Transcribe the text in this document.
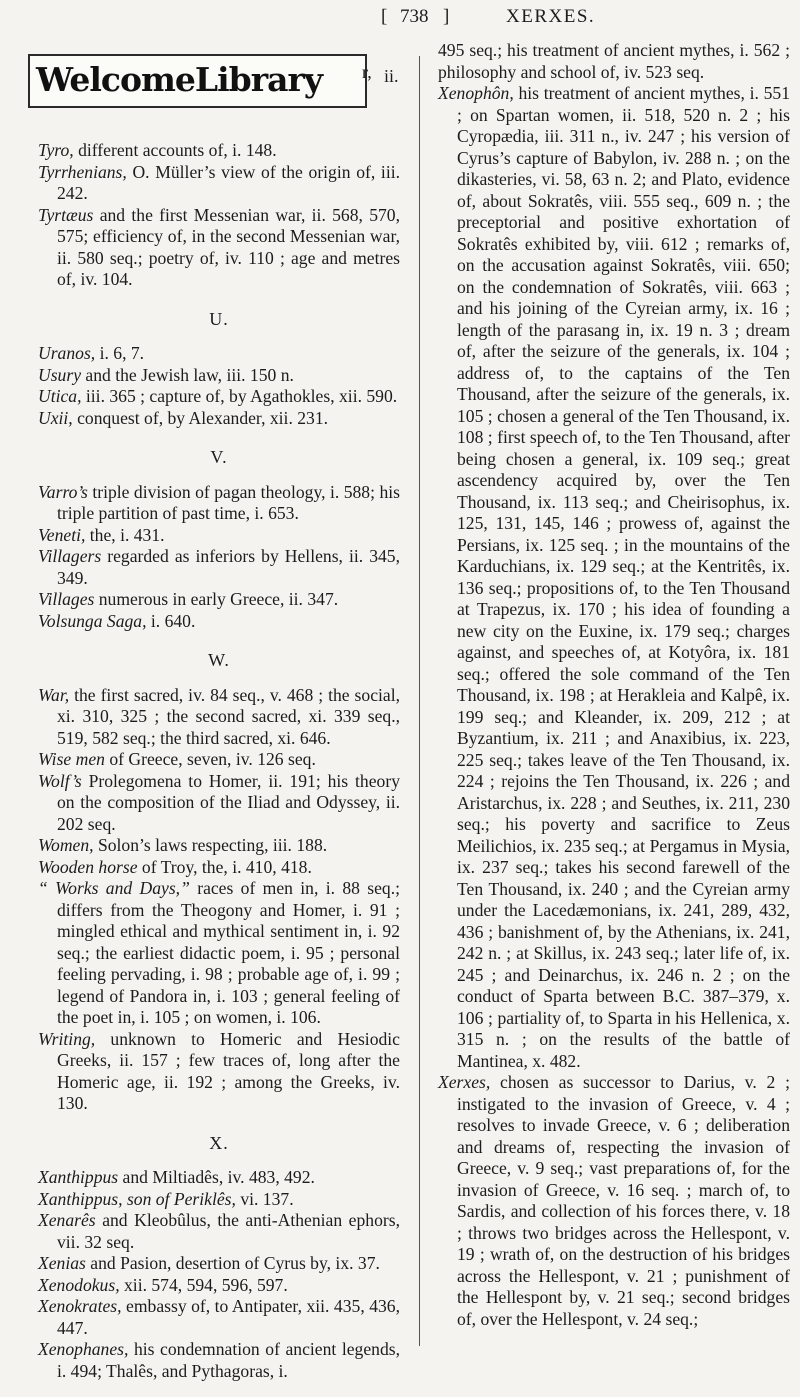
[ 738 ]	XERXES.
WelcomeLibrary r, ii.

Tyro, different accounts of, i. 148.

Tyrrhenians, O. Müller’s view of the origin of, iii. 242.

Tyrtæus and the first Messenian war, ii. 568, 570, 575; efficiency of, in the second Messenian war, ii. 580 seq.; poetry of, iv. 110 ; age and metres of, iv. 104.

U.

Uranos, i. 6, 7.

Usury and the Jewish law, iii. 150 n.

Utica, iii. 365 ; capture of, by Agathokles, xii. 590.

Uxii, conquest of, by Alexander, xii. 231.

V.

Varro’s triple division of pagan theology, i. 588; his triple partition of past time, i. 653.

Veneti, the, i. 431.

Villagers regarded as inferiors by Hellens, ii. 345, 349.

Villages numerous in early Greece, ii. 347.

Volsunga Saga, i. 640.

W.

War, the first sacred, iv. 84 seq., v. 468 ; the social, xi. 310, 325 ; the second sacred, xi. 339 seq., 519, 582 seq.; the third sacred, xi. 646.

Wise men of Greece, seven, iv. 126 seq.

Wolf’s Prolegomena to Homer, ii. 191; his theory on the composition of the Iliad and Odyssey, ii. 202 seq.

Women, Solon’s laws respecting, iii. 188.

Wooden horse of Troy, the, i. 410, 418.

“ Works and Days,” races of men in, i. 88 seq.; differs from the Theogony and Homer, i. 91 ; mingled ethical and mythical sentiment in, i. 92 seq.; the earliest didactic poem, i. 95 ; personal feeling pervading, i. 98 ; probable age of, i. 99 ; legend of Pandora in, i. 103 ; general feeling of the poet in, i. 105 ; on women, i. 106.

Writing, unknown to Homeric and Hesiodic Greeks, ii. 157 ; few traces of, long after the Homeric age, ii. 192 ; among the Greeks, iv. 130.

X.

Xanthippus and Miltiadês, iv. 483, 492.

Xanthippus, son of Periklês, vi. 137.

Xenarês and Kleobûlus, the anti-Athenian ephors, vii. 32 seq.

Xenias and Pasion, desertion of Cyrus by, ix. 37.

Xenodokus, xii. 574, 594, 596, 597.

Xenokrates, embassy of, to Antipater, xii. 435, 436, 447.

Xenophanes, his condemnation of ancient legends, i. 494; Thalês, and Pythagoras, i.

495 seq.; his treatment of ancient mythes, i. 562 ; philosophy and school of, iv. 523 seq.

Xenophôn, his treatment of ancient mythes, i. 551 ; on Spartan women, ii. 518, 520 n. 2 ; his Cyropædia, iii. 311 n., iv. 247 ; his version of Cyrus’s capture of Babylon, iv. 288 n. ; on the dikasteries, vi. 58, 63 n. 2; and Plato, evidence of, about Sokratês, viii. 555 seq., 609 n. ; the preceptorial and positive exhortation of Sokratês exhibited by, viii. 612 ; remarks of, on the accusation against Sokratês, viii. 650; on the condemnation of Sokratês, viii. 663 ; and his joining of the Cyreian army, ix. 16 ; length of the parasang in, ix. 19 n. 3 ; dream of, after the seizure of the generals, ix. 104 ; address of, to the captains of the Ten Thousand, after the seizure of the generals, ix. 105 ; chosen a general of the Ten Thousand, ix. 108 ; first speech of, to the Ten Thousand, after being chosen a general, ix. 109 seq.; great ascendency acquired by, over the Ten Thousand, ix. 113 seq.; and Cheirisophus, ix. 125, 131, 145, 146 ; prowess of, against the Persians, ix. 125 seq. ; in the mountains of the Karduchians, ix. 129 seq.; at the Kentritês, ix. 136 seq.; propositions of, to the Ten Thousand at Trapezus, ix. 170 ; his idea of founding a new city on the Euxine, ix. 179 seq.; charges against, and speeches of, at Kotyôra, ix. 181 seq.; offered the sole command of the Ten Thousand, ix. 198 ; at Herakleia and Kalpê, ix. 199 seq.; and Kleander, ix. 209, 212 ; at Byzantium, ix. 211 ; and Anaxibius, ix. 223, 225 seq.; takes leave of the Ten Thousand, ix. 224 ; rejoins the Ten Thousand, ix. 226 ; and Aristarchus, ix. 228 ; and Seuthes, ix. 211, 230 seq.; his poverty and sacrifice to Zeus Meilichios, ix. 235 seq.; at Pergamus in Mysia, ix. 237 seq.; takes his second farewell of the Ten Thousand, ix. 240 ; and the Cyreian army under the Lacedæmonians, ix. 241, 289, 432, 436 ; banishment of, by the Athenians, ix. 241, 242 n. ; at Skillus, ix. 243 seq.; later life of, ix. 245 ; and Deinarchus, ix. 246 n. 2 ; on the conduct of Sparta between B.C. 387–379, x. 106 ; partiality of, to Sparta in his Hellenica, x. 315 n. ; on the results of the battle of Mantinea, x. 482.

Xerxes, chosen as successor to Darius, v. 2 ; instigated to the invasion of Greece, v. 4 ; resolves to invade Greece, v. 6 ; deliberation and dreams of, respecting the invasion of Greece, v. 9 seq.; vast preparations of, for the invasion of Greece, v. 16 seq. ; march of, to Sardis, and collection of his forces there, v. 18 ; throws two bridges across the Hellespont, v. 19 ; wrath of, on the destruction of his bridges across the Hellespont, v. 21 ; punishment of the Hellespont by, v. 21 seq.; second bridges of, over the Hellespont, v. 24 seq.;
